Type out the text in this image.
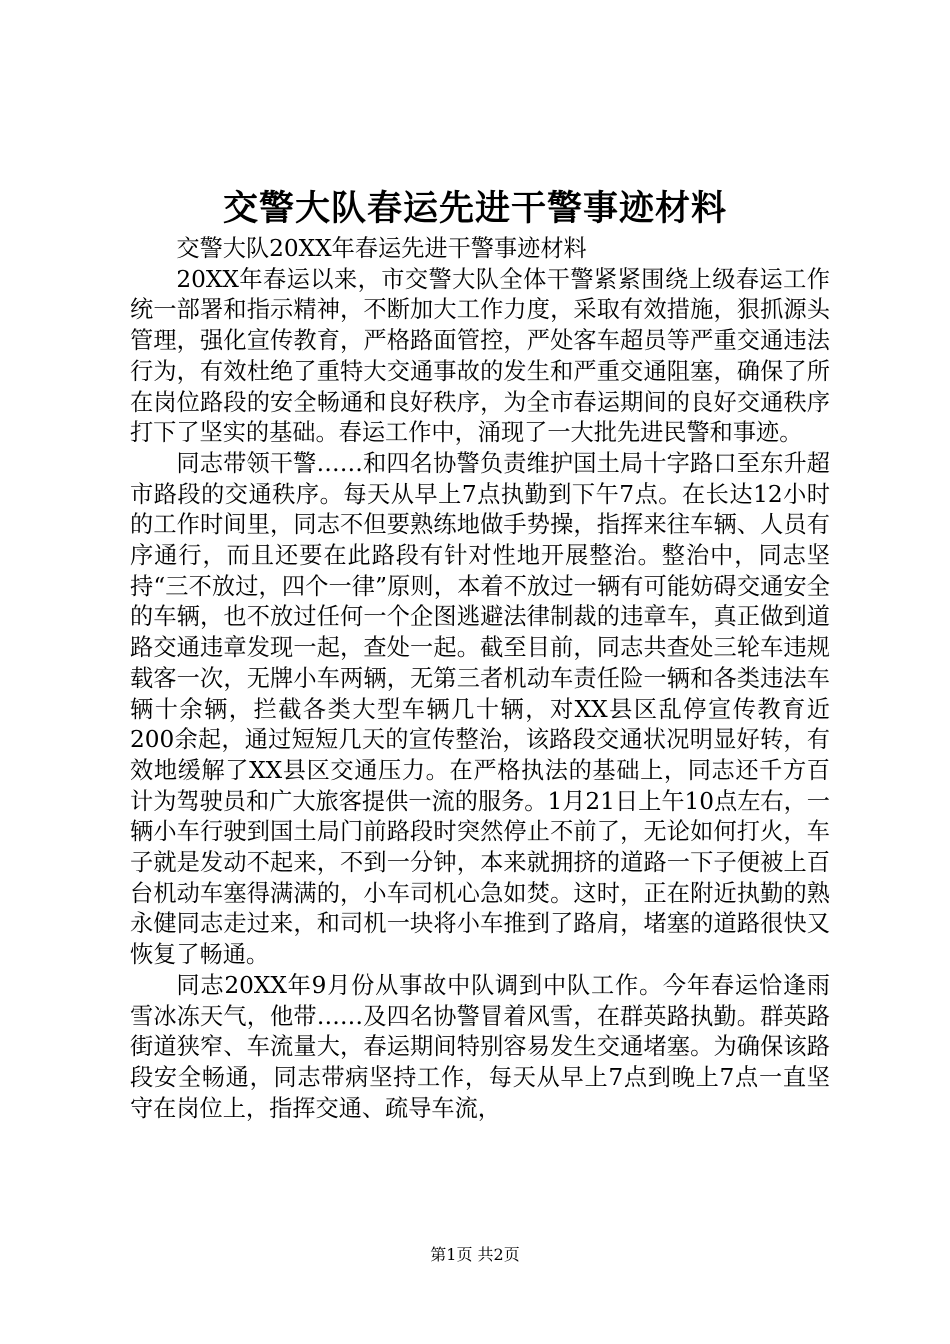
交警大队春运先进干警事迹材料

交警大队20XX年春运先进干警事迹材料

20XX年春运以来，市交警大队全体干警紧紧围绕上级春运工作统一部署和指示精神，不断加大工作力度，采取有效措施，狠抓源头管理，强化宣传教育，严格路面管控，严处客车超员等严重交通违法行为，有效杜绝了重特大交通事故的发生和严重交通阻塞，确保了所在岗位路段的安全畅通和良好秩序，为全市春运期间的良好交通秩序打下了坚实的基础。春运工作中，涌现了一大批先进民警和事迹。

同志带领干警……和四名协警负责维护国土局十字路口至东升超市路段的交通秩序。每天从早上7点执勤到下午7点。在长达12小时的工作时间里，同志不但要熟练地做手势操，指挥来往车辆、人员有序通行，而且还要在此路段有针对性地开展整治。整治中，同志坚持“三不放过，四个一律”原则，本着不放过一辆有可能妨碍交通安全的车辆，也不放过任何一个企图逃避法律制裁的违章车，真正做到道路交通违章发现一起，查处一起。截至目前，同志共查处三轮车违规载客一次，无牌小车两辆，无第三者机动车责任险一辆和各类违法车辆十余辆，拦截各类大型车辆几十辆，对XX县区乱停宣传教育近200余起，通过短短几天的宣传整治，该路段交通状况明显好转，有效地缓解了XX县区交通压力。在严格执法的基础上，同志还千方百计为驾驶员和广大旅客提供一流的服务。1月21日上午10点左右，一辆小车行驶到国土局门前路段时突然停止不前了，无论如何打火，车子就是发动不起来，不到一分钟，本来就拥挤的道路一下子便被上百台机动车塞得满满的，小车司机心急如焚。这时，正在附近执勤的熟永健同志走过来，和司机一块将小车推到了路肩，堵塞的道路很快又恢复了畅通。

同志20XX年9月份从事故中队调到中队工作。今年春运恰逢雨雪冰冻天气，他带……及四名协警冒着风雪，在群英路执勤。群英路街道狭窄、车流量大，春运期间特别容易发生交通堵塞。为确保该路段安全畅通，同志带病坚持工作，每天从早上7点到晚上7点一直坚守在岗位上，指挥交通、疏导车流，

第1页 共2页
